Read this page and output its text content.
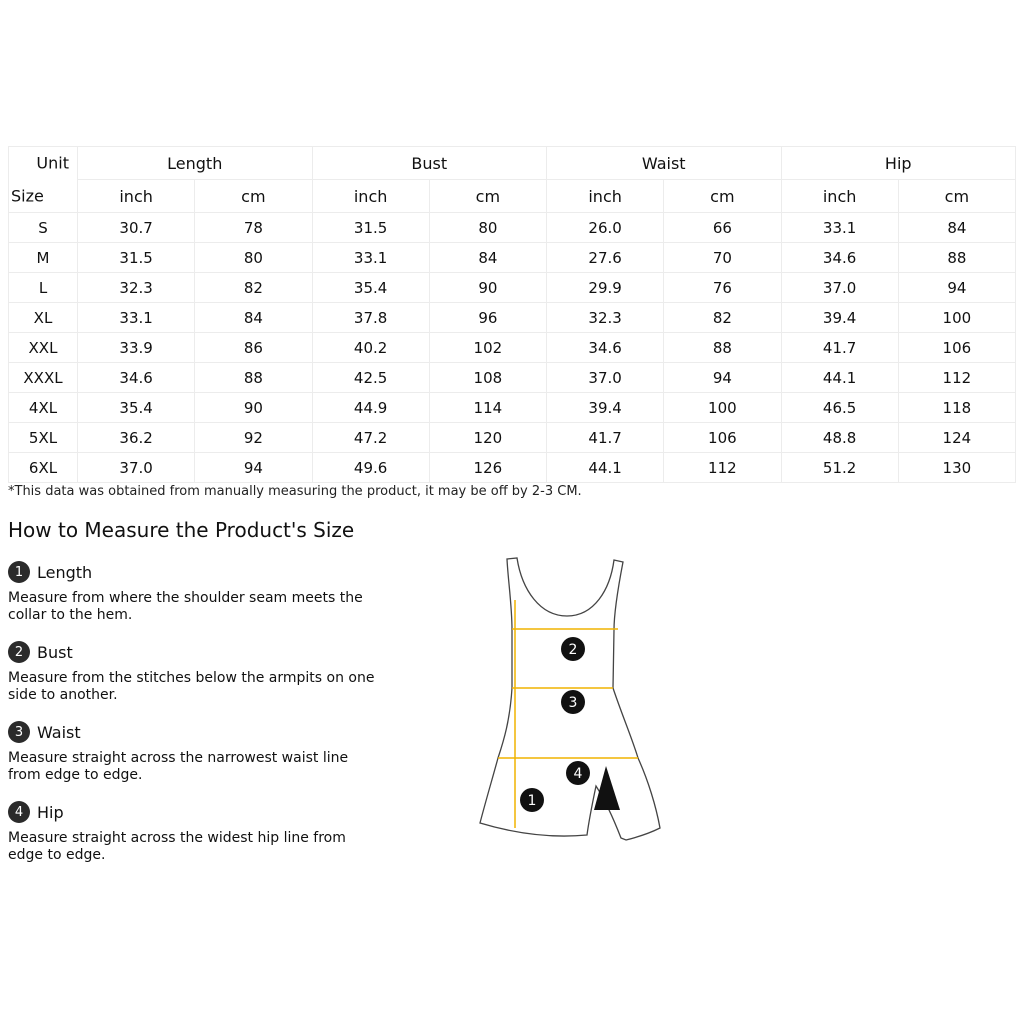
Unit	Length		Bust		Waist		Hip	

Size	inch	cm	inch	cm	inch	cm	inch	cm
S	30.7	78	31.5	80	26.0	66	33.1	84
M	31.5	80	33.1	84	27.6	70	34.6	88
L	32.3	82	35.4	90	29.9	76	37.0	94
XL	33.1	84	37.8	96	32.3	82	39.4	100
XXL	33.9	86	40.2	102	34.6	88	41.7	106
XXXL	34.6	88	42.5	108	37.0	94	44.1	112
4XL	35.4	90	44.9	114	39.4	100	46.5	118
5XL	36.2	92	47.2	120	41.7	106	48.8	124
6XL	37.0	94	49.6	126	44.1	112	51.2	130
*This data was obtained from manually measuring the product, it may be off by 2-3 CM.
How to Measure the Product's Size
1 Length
Measure from where the shoulder seam meets the collar to the hem.
2 Bust
Measure from the stitches below the armpits on one side to another.
3 Waist
Measure straight across the narrowest waist line from edge to edge.
4 Hip
Measure straight across the widest hip line from edge to edge.
1
2
3
4
